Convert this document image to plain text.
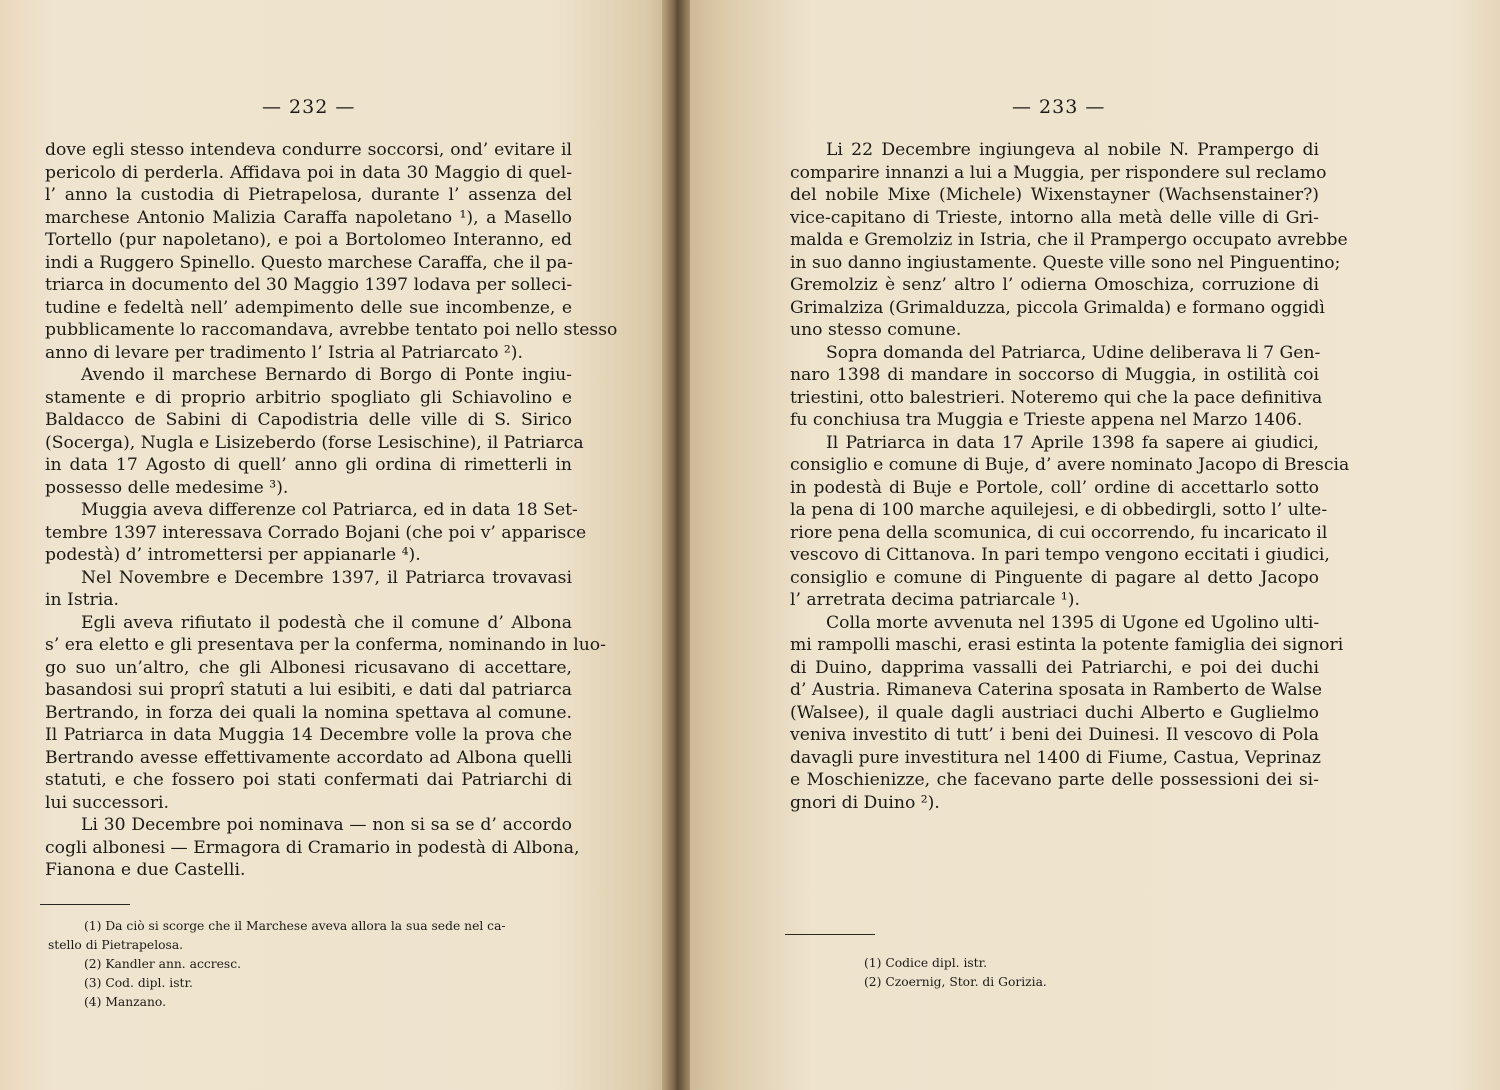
— 232 —

dove egli stesso intendeva condurre soccorsi, ond’ evitare il
pericolo di perderla. Affidava poi in data 30 Maggio di quel-
l’ anno la custodia di Pietrapelosa, durante l’ assenza del
marchese Antonio Malizia Caraffa napoletano ¹), a Masello
Tortello (pur napoletano), e poi a Bortolomeo Interanno, ed
indi a Ruggero Spinello. Questo marchese Caraffa, che il pa-
triarca in documento del 30 Maggio 1397 lodava per solleci-
tudine e fedeltà nell’ adempimento delle sue incombenze, e
pubblicamente lo raccomandava, avrebbe tentato poi nello stesso
anno di levare per tradimento l’ Istria al Patriarcato ²).

Avendo il marchese Bernardo di Borgo di Ponte ingiu-
stamente e di proprio arbitrio spogliato gli Schiavolino e
Baldacco de Sabini di Capodistria delle ville di S. Sirico
(Socerga), Nugla e Lisizeberdo (forse Lesischine), il Patriarca
in data 17 Agosto di quell’ anno gli ordina di rimetterli in
possesso delle medesime ³).

Muggia aveva differenze col Patriarca, ed in data 18 Set-
tembre 1397 interessava Corrado Bojani (che poi v’ apparisce
podestà) d’ intromettersi per appianarle ⁴).

Nel Novembre e Decembre 1397, il Patriarca trovavasi
in Istria.

Egli aveva rifiutato il podestà che il comune d’ Albona
s’ era eletto e gli presentava per la conferma, nominando in luo-
go suo un’altro, che gli Albonesi ricusavano di accettare,
basandosi sui proprî statuti a lui esibiti, e dati dal patriarca
Bertrando, in forza dei quali la nomina spettava al comune.
Il Patriarca in data Muggia 14 Decembre volle la prova che
Bertrando avesse effettivamente accordato ad Albona quelli
statuti, e che fossero poi stati confermati dai Patriarchi di
lui successori.

Li 30 Decembre poi nominava — non si sa se d’ accordo
cogli albonesi — Ermagora di Cramario in podestà di Albona,
Fianona e due Castelli.

(1) Da ciò si scorge che il Marchese aveva allora la sua sede nel ca-
stello di Pietrapelosa.
(2) Kandler ann. accresc.
(3) Cod. dipl. istr.
(4) Manzano.
— 233 —

Li 22 Decembre ingiungeva al nobile N. Prampergo di
comparire innanzi a lui a Muggia, per rispondere sul reclamo
del nobile Mixe (Michele) Wixenstayner (Wachsenstainer?)
vice-capitano di Trieste, intorno alla metà delle ville di Gri-
malda e Gremolziz in Istria, che il Prampergo occupato avrebbe
in suo danno ingiustamente. Queste ville sono nel Pinguentino;
Gremolziz è senz’ altro l’ odierna Omoschiza, corruzione di
Grimalziza (Grimalduzza, piccola Grimalda) e formano oggidì
uno stesso comune.

Sopra domanda del Patriarca, Udine deliberava li 7 Gen-
naro 1398 di mandare in soccorso di Muggia, in ostilità coi
triestini, otto balestrieri. Noteremo qui che la pace definitiva
fu conchiusa tra Muggia e Trieste appena nel Marzo 1406.

Il Patriarca in data 17 Aprile 1398 fa sapere ai giudici,
consiglio e comune di Buje, d’ avere nominato Jacopo di Brescia
in podestà di Buje e Portole, coll’ ordine di accettarlo sotto
la pena di 100 marche aquilejesi, e di obbedirgli, sotto l’ ulte-
riore pena della scomunica, di cui occorrendo, fu incaricato il
vescovo di Cittanova. In pari tempo vengono eccitati i giudici,
consiglio e comune di Pinguente di pagare al detto Jacopo
l’ arretrata decima patriarcale ¹).

Colla morte avvenuta nel 1395 di Ugone ed Ugolino ulti-
mi rampolli maschi, erasi estinta la potente famiglia dei signori
di Duino, dapprima vassalli dei Patriarchi, e poi dei duchi
d’ Austria. Rimaneva Caterina sposata in Ramberto de Walse
(Walsee), il quale dagli austriaci duchi Alberto e Guglielmo
veniva investito di tutt’ i beni dei Duinesi. Il vescovo di Pola
davagli pure investitura nel 1400 di Fiume, Castua, Veprinaz
e Moschienizze, che facevano parte delle possessioni dei si-
gnori di Duino ²).

(1) Codice dipl. istr.
(2) Czoernig, Stor. di Gorizia.
